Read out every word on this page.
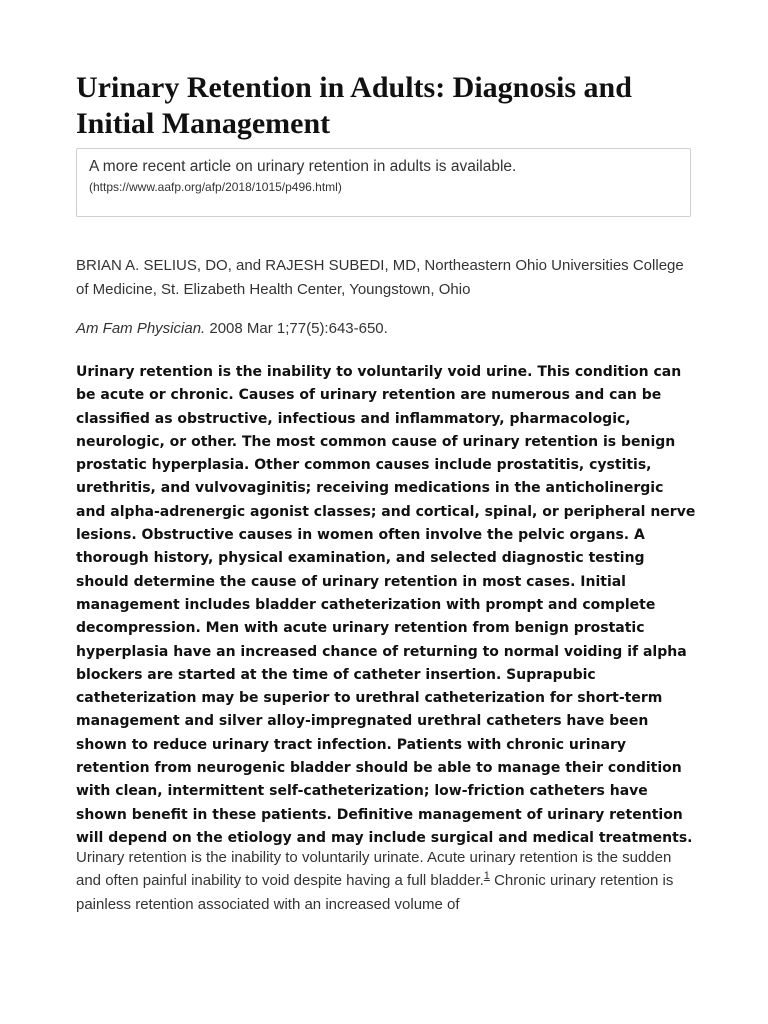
Urinary Retention in Adults: Diagnosis and Initial Management
A more recent article on urinary retention in adults is available.
(https://www.aafp.org/afp/2018/1015/p496.html)

BRIAN A. SELIUS, DO, and RAJESH SUBEDI, MD, Northeastern Ohio Universities College of Medicine, St. Elizabeth Health Center, Youngstown, Ohio

Am Fam Physician. 2008 Mar 1;77(5):643-650.

Urinary retention is the inability to voluntarily void urine. This condition can be acute or chronic. Causes of urinary retention are numerous and can be classified as obstructive, infectious and inflammatory, pharmacologic, neurologic, or other. The most common cause of urinary retention is benign prostatic hyperplasia. Other common causes include prostatitis, cystitis, urethritis, and vulvovaginitis; receiving medications in the anticholinergic and alpha-adrenergic agonist classes; and cortical, spinal, or peripheral nerve lesions. Obstructive causes in women often involve the pelvic organs. A thorough history, physical examination, and selected diagnostic testing should determine the cause of urinary retention in most cases. Initial management includes bladder catheterization with prompt and complete decompression. Men with acute urinary retention from benign prostatic hyperplasia have an increased chance of returning to normal voiding if alpha blockers are started at the time of catheter insertion. Suprapubic catheterization may be superior to urethral catheterization for short-term management and silver alloy-impregnated urethral catheters have been shown to reduce urinary tract infection. Patients with chronic urinary retention from neurogenic bladder should be able to manage their condition with clean, intermittent self-catheterization; low-friction catheters have shown benefit in these patients. Definitive management of urinary retention will depend on the etiology and may include surgical and medical treatments.

Urinary retention is the inability to voluntarily urinate. Acute urinary retention is the sudden and often painful inability to void despite having a full bladder.$^1$ Chronic urinary retention is painless retention associated with an increased volume of
